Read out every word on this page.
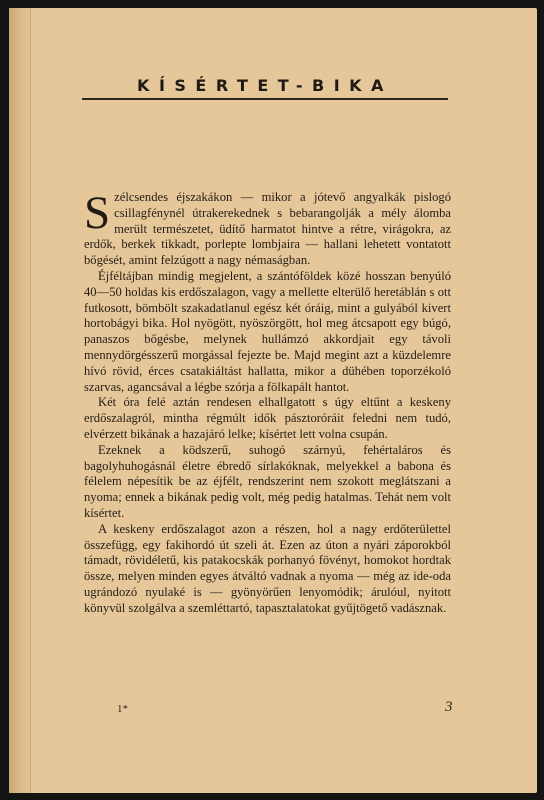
KÍSÉRTET-BIKA

Szélcsendes éjszakákon — mikor a jótevő angyalkák pislogó csillagfénynél útrakerekednek s bebarangolják a mély álomba merült természetet, üdítő harmatot hintve a rétre, virágokra, az erdők, berkek tikkadt, porlepte lombjaira — hallani lehetett vontatott bőgését, amint felzúgott a nagy némaságban.

Éjféltájban mindig megjelent, a szántóföldek közé hosszan benyúló 40—50 holdas kis erdőszalagon, vagy a mellette elterülő heretáblán s ott futkosott, bömbölt szakadatlanul egész két óráig, mint a gulyából kivert hortobágyi bika. Hol nyögött, nyöszörgött, hol meg átcsapott egy búgó, panaszos bőgésbe, melynek hullámzó akkordjait egy távoli mennydörgésszerű morgással fejezte be. Majd megint azt a küzdelemre hívó rövid, érces csatakiáltást hallatta, mikor a dühében toporzékoló szarvas, agancsával a légbe szórja a fölkapált hantot.

Két óra felé aztán rendesen elhallgatott s úgy eltűnt a keskeny erdőszalagról, mintha régmúlt idők pásztoróráit feledni nem tudó, elvérzett bikának a hazajáró lelke; kísértet lett volna csupán.

Ezeknek a ködszerű, suhogó szárnyú, fehértaláros és bagolyhuhogásnál életre ébredő sírlakóknak, melyekkel a babona és félelem népesítik be az éjfélt, rendszerint nem szokott meglátszani a nyoma; ennek a bikának pedig volt, még pedig hatalmas. Tehát nem volt kísértet.

A keskeny erdőszalagot azon a részen, hol a nagy erdőterülettel összefügg, egy fakihordó út szeli át. Ezen az úton a nyári záporokból támadt, rövidéletű, kis patakocskák porhanyó fövényt, homokot hordtak össze, melyen minden egyes átváltó vadnak a nyoma — még az ide-oda ugrándozó nyulaké is — gyönyörűen lenyomódik; árulóul, nyitott könyvül szolgálva a szemléttartó, tapasztalatokat gyűjtögető vadásznak.

1*	3
